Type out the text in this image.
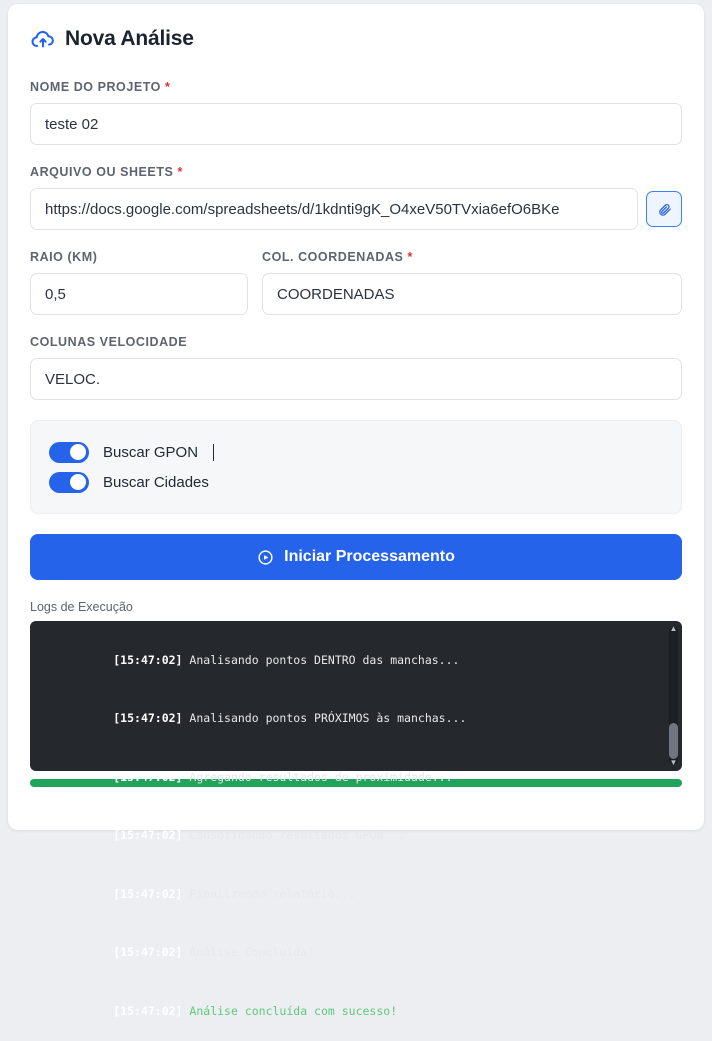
Nova Análise
NOME DO PROJETO *
teste 02
ARQUIVO OU SHEETS *
https://docs.google.com/spreadsheets/d/1kdnti9gK_O4xeV50TVxia6efO6BKe
RAIO (KM)
0,5	COL. COORDENADAS *
COORDENADAS
COLUNAS VELOCIDADE
VELOC.
Buscar GPON
Buscar Cidades
Iniciar Processamento
Logs de Execução

[15:47:02] Analisando pontos DENTRO das manchas...

[15:47:02] Analisando pontos PRÓXIMOS às manchas...

[15:47:02] Agregando resultados de proximidade...

[15:47:02] Consolidando resultados GPON...

[15:47:02] Finalizando relatório...

[15:47:02] Análise Concluída!

[15:47:02] Análise concluída com sucesso!

▲
▼
